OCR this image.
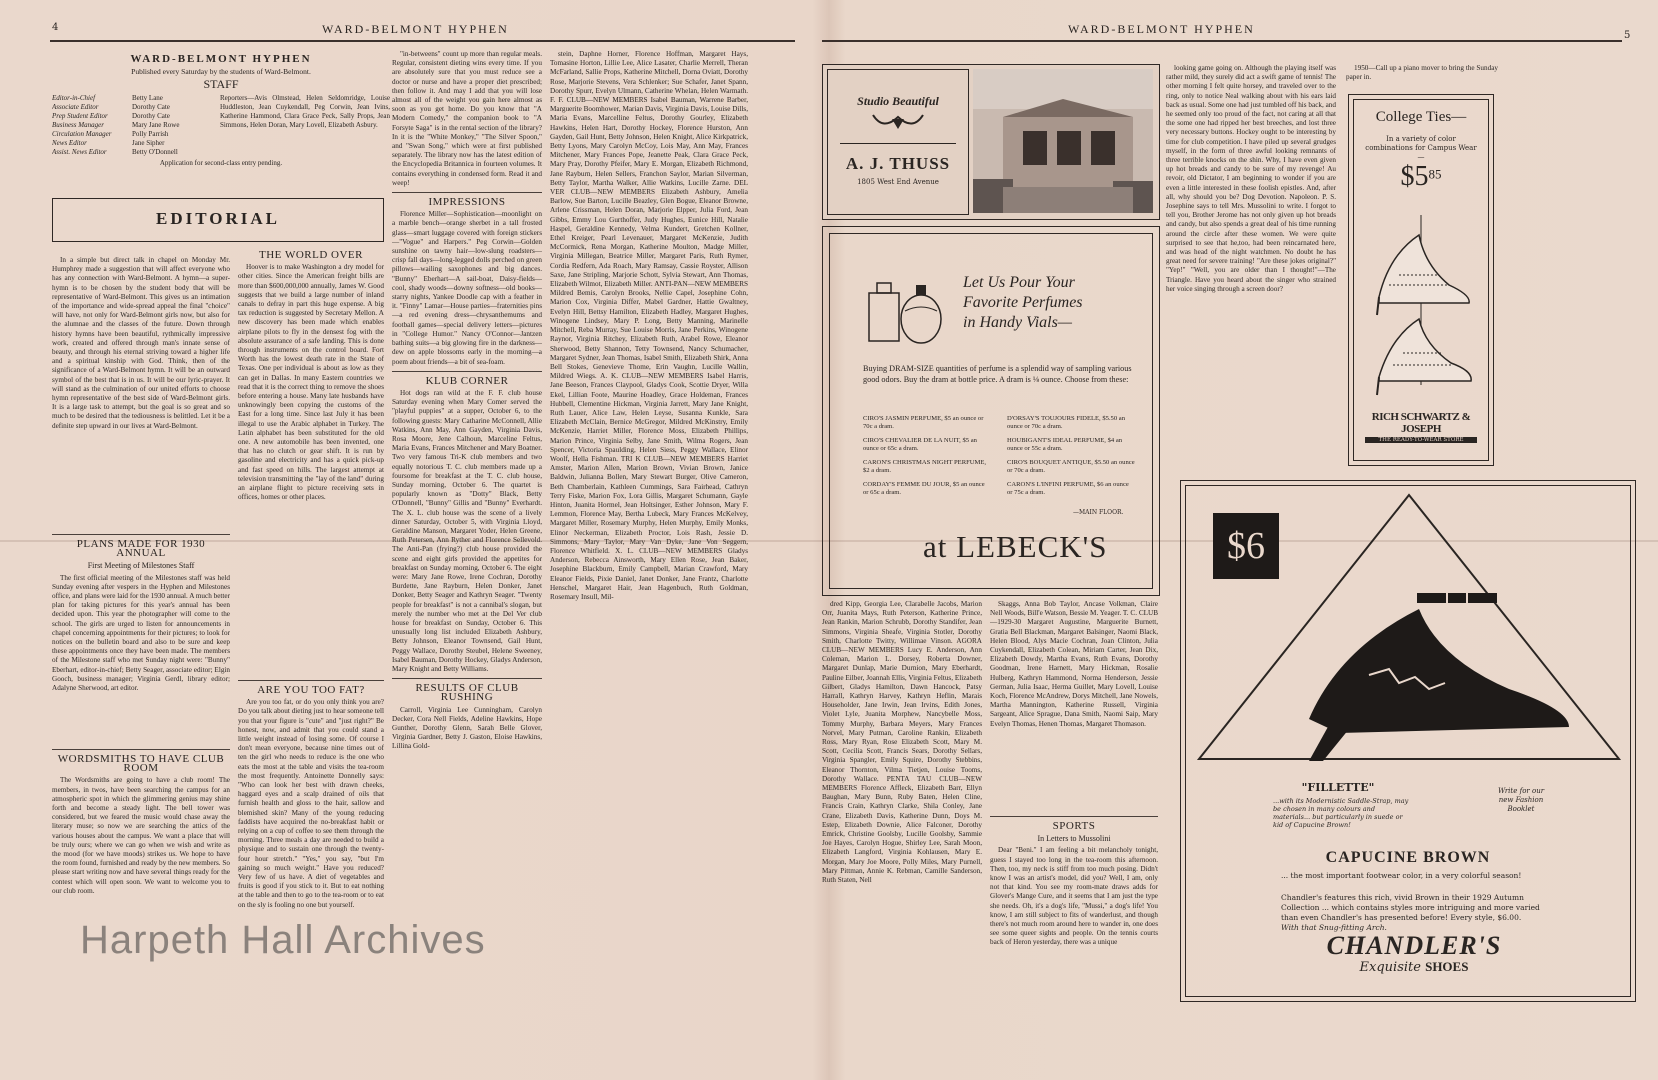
4	WARD-BELMONT HYPHEN
WARD-BELMONT HYPHEN
Published every Saturday by the students of Ward-Belmont.
STAFF
Editor-in-Chief	Betty Lane
Associate Editor	Dorothy Cate
Prep Student Editor	Dorothy Cate
Business Manager	Mary Jane Rowe
Circulation Manager	Polly Parrish
News Editor	Jane Sipher
Assist. News Editor	Betty O'Donnell
Reporters—Avis Olmstead, Helen Seldomridge, Louise Huddleston, Jean Cuykendall, Peg Corwin, Jean Ivins, Katherine Hammond, Clara Grace Peck, Sally Props, Jean Simmons, Helen Doran, Mary Lovell, Elizabeth Asbury.
Application for second-class entry pending.
EDITORIAL

In a simple but direct talk in chapel on Monday Mr. Humphrey made a suggestion that will affect everyone who has any connection with Ward-Belmont. A hymn—a super-hymn is to be chosen by the student body that will be representative of Ward-Belmont. This gives us an intimation of the importance and wide-spread appeal the final "choice" will have, not only for Ward-Belmont girls now, but also for the alumnae and the classes of the future. Down through history hymns have been beautiful, rythmically impressive work, created and offered through man's innate sense of beauty, and through his eternal striving toward a higher life and a spiritual kinship with God. Think, then of the significance of a Ward-Belmont hymn. It will be an outward symbol of the best that is in us. It will be our lyric-prayer. It will stand as the culmination of our united efforts to choose hymn representative of the best side of Ward-Belmont girls. It is a large task to attempt, but the goal is so great and so much to be desired that the tediousness is belittled. Let it be a definite step upward in our lives at Ward-Belmont.

PLANS MADE FOR 1930 ANNUAL
First Meeting of Milestones Staff

The first official meeting of the Milestones staff was held Sunday evening after vespers in the Hyphen and Milestones office, and plans were laid for the 1930 annual. A much better plan for taking pictures for this year's annual has been decided upon. This year the photographer will come to the school. The girls are urged to listen for announcements in chapel concerning appointments for their pictures; to look for notices on the bulletin board and also to be sure and keep these appointments once they have been made. The members of the Milestone staff who met Sunday night were: "Bunny" Eberhart, editor-in-chief; Betty Seager, associate editor; Elgin Gooch, business manager; Virginia Gerdl, library editor; Adalyne Sherwood, art editor.

WORDSMITHS TO HAVE CLUB ROOM

The Wordsmiths are going to have a club room! The members, in twos, have been searching the campus for an atmospheric spot in which the glimmering genius may shine forth and become a steady light. The bell tower was considered, but we feared the music would chase away the literary muse; so now we are searching the attics of the various houses about the campus. We want a place that will be truly ours; where we can go when we wish and write as the mood (for we have moods) strikes us. We hope to have the room found, furnished and ready by the new members. So please start writing now and have several things ready for the contest which will open soon. We want to welcome you to our club room.

THE WORLD OVER

Hoover is to make Washington a dry model for other cities. Since the American freight bills are more than $600,000,000 annually, James W. Good suggests that we build a large number of inland canals to defray in part this huge expense. A big tax reduction is suggested by Secretary Mellon. A new discovery has been made which enables airplane pilots to fly in the densest fog with the absolute assurance of a safe landing. This is done through instruments on the control board. Fort Worth has the lowest death rate in the State of Texas. One per individual is about as low as they can get in Dallas. In many Eastern countries we read that it is the correct thing to remove the shoes before entering a house. Many late husbands have unknowingly been copying the customs of the East for a long time. Since last July it has been illegal to use the Arabic alphabet in Turkey. The Latin alphabet has been substituted for the old one. A new automobile has been invented, one that has no clutch or gear shift. It is run by gasoline and electricity and has a quick pick-up and fast speed on hills. The largest attempt at television transmitting the "lay of the land" during an airplane flight to picture receiving sets in offices, homes or other places.

ARE YOU TOO FAT?

Are you too fat, or do you only think you are? Do you talk about dieting just to hear someone tell you that your figure is "cute" and "just right?" Be honest, now, and admit that you could stand a little weight instead of losing some. Of course I don't mean everyone, because nine times out of ten the girl who needs to reduce is the one who eats the most at the table and visits the tea-room the most frequently. Antoinette Donnelly says: "Who can look her best with drawn cheeks, haggard eyes and a scalp drained of oils that furnish health and gloss to the hair, sallow and blemished skin? Many of the young reducing faddists have acquired the no-breakfast habit or relying on a cup of coffee to see them through the morning. Three meals a day are needed to build a physique and to sustain one through the twenty-four hour stretch." "Yes," you say, "but I'm gaining so much weight." Have you reduced? Very few of us have. A diet of vegetables and fruits is good if you stick to it. But to eat nothing at the table and then to go to the tea-room or to eat on the sly is fooling no one but yourself.

"in-betweens" count up more than regular meals. Regular, consistent dieting wins every time. If you are absolutely sure that you must reduce see a doctor or nurse and have a proper diet prescribed; then follow it. And may I add that you will lose almost all of the weight you gain here almost as soon as you get home. Do you know that "A Modern Comedy," the companion book to "A Forsyte Saga" is in the rental section of the library? In it is the "White Monkey," "The Silver Spoon," and "Swan Song," which were at first published separately. The library now has the latest edition of the Encyclopedia Britannica in fourteen volumes. It contains everything in condensed form. Read it and weep!

IMPRESSIONS

Florence Miller—Sophistication—moonlight on a marble bench—orange sherbet in a tall frosted glass—smart luggage covered with foreign stickers—"Vogue" and Harpers." Peg Corwin—Golden sunshine on tawny hair—low-slung roadsters—crisp fall days—long-legged dolls perched on green pillows—wailing saxophones and big dances. "Bunny" Eberhart—A sail-boat, Daisy-fields—cool, shady woods—downy softness—old books—starry nights, Yankee Doodle cap with a feather in it. "Finny" Lamar—House parties—fraternities pins—a red evening dress—chrysanthemums and football games—special delivery letters—pictures in "College Humor." Nancy O'Connor—Jantzen bathing suits—a big glowing fire in the darkness—dew on apple blossoms early in the morning—a poem about friends—a bit of sea-foam.

KLUB CORNER

Hot dogs ran wild at the F. F. club house Saturday evening when Mary Comer served the "playful puppies" at a supper, October 6, to the following guests: Mary Catharine McConnell, Allie Watkins, Ann May, Ann Gayden, Virginia Davis, Rosa Moore, Jene Calhoun, Marceline Feltus, Maria Evans, Frances Mitchener and Mary Boatner. Two very famous Tri-K club members and two equally notorious T. C. club members made up a foursome for breakfast at the T. C. club house, Sunday morning, October 6. The quartet is popularly known as "Dotty" Black, Betty O'Donnell, "Bunny" Gillis and "Bunny" Everhardt. The X. L. club house was the scene of a lively dinner Saturday, October 5, with Virginia Lloyd, Geraldine Manson, Margaret Yoder, Helen Greene, Ruth Petersen, Ann Ryther and Florence Sellevold. The Anti-Pan (frying?) club house provided the scene and eight girls provided the appetites for breakfast on Sunday morning, October 6. The eight were: Mary Jane Rowe, Irene Cochran, Dorothy Burdette, Jane Rayburn, Helen Donker, Janet Donker, Betty Seager and Kathryn Seager. "Twenty people for breakfast" is not a cannibal's slogan, but merely the number who met at the Del Ver club house for breakfast on Sunday, October 6. This unusually long list included Elizabeth Ashbury, Betty Johnson, Eleanor Townsend, Gail Hunt, Peggy Wallace, Dorothy Steubel, Helene Sweeney, Isabel Bauman, Dorothy Hockey, Gladys Anderson, Mary Knight and Betty Williams.

RESULTS OF CLUB RUSHING

Carroll, Virginia Lee Cunningham, Carolyn Decker, Cora Nell Fields, Adeline Hawkins, Hope Gunther, Dorothy Glenn, Sarah Belle Glover, Virginia Gardner, Betty J. Gaston, Eloise Hawkins, Lillina Gold-

stein, Daphne Horner, Florence Hoffman, Margaret Hays, Tomasine Horton, Lillie Lee, Alice Lasater, Charlie Merrell, Theran McFarland, Sallie Props, Katherine Mitchell, Dorna Oviatt, Dorothy Rose, Marjorie Stevens, Vera Schlenker; Sue Schafer, Janet Spann, Dorothy Spurr, Evelyn Ulmann, Catherine Whelan, Helen Warmath. F. F. CLUB—NEW MEMBERS Isabel Bauman, Warrene Barber, Marguerite Boomhower, Marian Davis, Virginia Davis, Louise Dills, Maria Evans, Marcelline Feltus, Dorothy Gourley, Elizabeth Hawkins, Helen Hart, Dorothy Hockey, Florence Hurston, Ann Gayden, Gail Hunt, Betty Johnson, Helen Knight, Alice Kirkpatrick, Betty Lyons, Mary Carolyn McCoy, Lois May, Ann May, Frances Mitchener, Mary Frances Pope, Jeanette Peak, Clara Grace Peck, Mary Pray, Dorothy Pfeifer, Mary E. Morgan, Elizabeth Richmond, Jane Rayburn, Helen Sellers, Franchon Saylor, Marian Silverman, Betty Taylor, Martha Walker, Allie Watkins, Lucille Zarne. DEL VER CLUB—NEW MEMBERS Elizabeth Ashbury, Amelia Barlow, Sue Barton, Lucille Beazley, Glen Bogue, Eleanor Browne, Arlene Crissman, Helen Doran, Marjorie Elpper, Julia Ford, Jean Gibbs, Emmy Lou Gurthoffer, Judy Hughes, Eunice Hill, Natalie Haspel, Geraldine Kennedy, Velma Kundert, Gretchen Kollner, Ethel Kreiger, Pearl Levenauer, Margaret McKenzie, Judith McCormick, Rena Morgan, Katherine Moulton, Madge Miller, Virginia Millegan, Beatrice Miller, Margaret Paris, Ruth Rymer, Cordia Redfern, Ada Roach, Mary Ramsay, Cassie Royster, Allison Saxe, Jane Stripling, Marjorie Schott, Sylvia Stewart, Ann Thomas, Elizabeth Wilmot, Elizabeth Miller. ANTI-PAN—NEW MEMBERS Mildred Bemis, Carolyn Brooks, Nellie Capel, Josephine Cohn, Marion Cox, Virginia Differ, Mabel Gardner, Hattie Gwaltney, Evelyn Hill, Bettsy Hamilton, Elizabeth Hadley, Margaret Hughes, Winogene Lindsey, Mary P. Long, Betty Manning, Marinelle Mitchell, Reba Murray, Sue Louise Morris, Jane Perkins, Winogene Raynor, Virginia Ritchey, Elizabeth Ruth, Arabel Rowe, Eleanor Sherwood, Betty Shannon, Tetty Townsend, Nancy Schumacher, Margaret Sydner, Jean Thomas, Isabel Smith, Elizabeth Shirk, Anna Bell Stokes, Genevieve Thome, Erin Vaughn, Lucille Wallin, Mildred Wiegs. A. K. CLUB—NEW MEMBERS Isabel Harris, Jane Beeson, Frances Claypool, Gladys Cook, Scottie Dryer, Willa Ekel, Lillian Foote, Maurine Hoadley, Grace Holdeman, Frances Hubbell, Clementine Hickman, Virginia Jarrett, Mary Jane Knight, Ruth Lauer, Alice Law, Helen Leyse, Susanna Kunkle, Sara Elizabeth McClain, Bernice McGregor, Mildred McKinstry, Emily McKenzie, Harriet Miller, Florence Moss, Elizabeth Phillips, Marion Prince, Virginia Selby, Jane Smith, Wilma Rogers, Jean Spencer, Victoria Spaulding, Helen Siess, Peggy Wallace, Elinor Woolf, Hella Fishman. TRI K CLUB—NEW MEMBERS Harriet Amster, Marion Allen, Marion Brown, Vivian Brown, Janice Baldwin, Julianna Bollen, Mary Stewart Burger, Olive Cameron, Beth Chamberlain, Kathleen Cummings, Sara Fairhead, Cathryn Terry Fiske, Marion Fox, Lora Gillis, Margaret Schumann, Gayle Hinton, Juanita Hormel, Jean Holtsinger, Esther Johnson, Mary F. Lemmon, Florence May, Bertha Lubeck, Mary Frances McKelvey, Margaret Miller, Rosemary Murphy, Helen Murphy, Emily Monks, Elinor Neckerman, Elizabeth Proctor, Lois Rash, Jessie D. Simmons, Mary Taylor, Mary Van Dyke, Jane Von Seggern, Florence Whitfield. X. L. CLUB—NEW MEMBERS Gladys Anderson, Rebecca Ainsworth, Mary Ellen Rose, Jean Baker, Josephine Blackburn, Emily Campbell, Marian Crawford, Mary Eleanor Fields, Pixie Daniel, Janet Donker, Jane Frantz, Charlotte Henschel, Margaret Hair, Jean Hagenbuch, Ruth Goldman, Rosemary Insull, Mil-

Harpeth Hall Archives
WARD-BELMONT HYPHEN	5
Studio Beautiful
A. J. THUSS
1805 West End Avenue
Let Us Pour Your
Favorite Perfumes
in Handy Vials—
Buying DRAM-SIZE quantities of perfume is a splendid way of sampling various good odors. Buy the dram at bottle price. A dram is ⅛ ounce. Choose from these:
CIRO'S JASMIN PERFUME, $5 an ounce or 70c a dram.
D'ORSAY'S TOUJOURS FIDELE, $5.50 an ounce or 70c a dram.
CIRO'S CHEVALIER DE LA NUIT, $5 an ounce or 65c a dram.
HOUBIGANT'S IDEAL PERFUME, $4 an ounce or 55c a dram.
CARON'S CHRISTMAS NIGHT PERFUME, $2 a dram.
CIRO'S BOUQUET ANTIQUE, $5.50 an ounce or 70c a dram.
CORDAY'S FEMME DU JOUR, $5 an ounce or 65c a dram.
CARON'S L'INFINI PERFUME, $6 an ounce or 75c a dram.
—MAIN FLOOR.
at LEBECK'S

dred Kipp, Georgia Lee, Clarabelle Jacobs, Marion Orr, Juanita Mays, Ruth Peterson, Katherine Prince, Jean Rankin, Marion Schrubb, Dorothy Standifer, Jean Simmons, Virginia Sheafe, Virginia Stotler, Dorothy Smith, Charlotte Twitty, Willimae Vinson. AGORA CLUB—NEW MEMBERS Lucy E. Anderson, Ann Coleman, Marion L. Dorsey, Roberta Downer, Margaret Dunlap, Marie Durnion, Mary Eberhardt, Pauline Eilber, Joannah Ellis, Virginia Feltus, Elizabeth Gilbert, Gladys Hamilton, Dawn Hancock, Patsy Harrall, Kathryn Harvey, Kathryn Heflin, Marais Householder, Jane Irwin, Jean Irvins, Edith Jones, Violet Lyle, Juanita Morphew, Nancybelle Moss, Tommy Murphy, Barbara Meyers, Mary Frances Norvel, Mary Putman, Caroline Rankin, Elizabeth Ross, Mary Ryan, Rose Elizabeth Scott, Mary M. Scott, Cecilia Scott, Francis Sears, Dorothy Sellars, Virginia Spangler, Emily Squire, Dorothy Stebbins, Eleanor Thornton, Vilma Tietjen, Louise Tooms, Dorothy Wallace. PENTA TAU CLUB—NEW MEMBERS Florence Affleck, Elizabeth Barr, Ellyn Baughan, Mary Bunn, Ruby Baten, Helen Cline, Francis Crain, Kathryn Clarke, Shila Conley, Jane Crane, Elizabeth Davis, Katherine Dunn, Doys M. Estep, Elizabeth Downie, Alice Falconer, Dorothy Emrick, Christine Goolsby, Lucille Goolsby, Sammie Joe Hayes, Carolyn Hogue, Shirley Lee, Sarah Moon, Elizabeth Langford, Virginia Kohlausen, Mary E. Morgan, Mary Joe Moore, Polly Miles, Mary Purnell, Mary Pittman, Annie K. Rebman, Camille Sanderson, Ruth Staten, Nell

Skaggs, Anna Bob Taylor, Ancase Volkman, Claire Nell Woods, Bill'e Watson, Bessie M. Yeager. T. C. CLUB—1929-30 Margaret Augustine, Marguerite Burnett, Gratia Bell Blackman, Margaret Balsinger, Naomi Black, Helen Blood, Alys Macie Cochran, Joan Clinton, Julia Cuykendall, Elizabeth Colean, Miriam Carter, Jean Dix, Elizabeth Dowdy, Martha Evans, Ruth Evans, Dorothy Goodman, Irene Harnett, Mary Hickman, Rosalie Hulberg, Kathryn Hammond, Norma Henderson, Jessie German, Julia Isaac, Herma Guillet, Mary Lovell, Louise Koch, Florence McAndrew, Dorys Mitchell, Jane Nowels, Martha Mannington, Katherine Russell, Virginia Sargeant, Alice Sprague, Dana Smith, Naomi Saip, Mary Evelyn Thomas, Henen Thomas, Margaret Thomason.

SPORTS
In Letters to Mussolini

Dear "Beni." I am feeling a bit melancholy tonight, guess I stayed too long in the tea-room this afternoon. Then, too, my neck is stiff from too much posing. Didn't know I was an artist's model, did you? Well, I am, only not that kind. You see my room-mate draws adds for Glover's Mange Cure, and it seems that I am just the type she needs. Oh, it's a dog's life, "Mussi," a dog's life! You know, I am still subject to fits of wanderlust, and though there's not much room around here to wander in, one does see some queer sights and people. On the tennis courts back of Heron yesterday, there was a unique

looking game going on. Although the playing itself was rather mild, they surely did act a swift game of tennis! The other morning I felt quite horsey, and traveled over to the ring, only to notice Neal walking about with his ears laid back as usual. Some one had just tumbled off his back, and he seemed only too proud of the fact, not caring at all that the some one had ripped her best breeches, and lost three very necessary buttons. Hockey ought to be interesting by time for club competition. I have piled up several grudges myself, in the form of three awful looking remnants of three terrible knocks on the shin. Why, I have even given up hot breads and candy to be sure of my revenge! Au revoir, old Dictator, I am beginning to wonder if you are even a little interested in these foolish epistles. And, after all, why should you be? Dog Devotion. Napoleon. P. S. Josephine says to tell Mrs. Mussolini to write. I forgot to tell you, Brother Jerome has not only given up hot breads and candy, but also spends a great deal of his time running around the circle after these women. We were quite surprised to see that he,too, had been reincarnated here, and was head of the night watchmen. No doubt he has great need for severe training! "Are these jokes original?" "Yep!" "Well, you are older than I thought!"—The Triangle. Have you heard about the singer who strained her voice singing through a screen door?

1950—Call up a piano mover to bring the Sunday paper in.

College Ties—
In a variety of color combinations for Campus Wear—
$\$5^{85}$
RICH SCHWARTZ & JOSEPH
THE READY-TO-WEAR STORE
$6
"FILLETTE"
...with its Modernistic Saddle-Strap, may be chosen in many colours and materials... but particularly in suede or kid of Capucine Brown!
Write for our new Fashion Booklet
CAPUCINE BROWN
... the most important footwear color, in a very colorful season!
Chandler's features this rich, vivid Brown in their 1929 Autumn Collection ... which contains styles more intriguing and more varied than even Chandler's has presented before! Every style, $6.00. With that Snug-fitting Arch.
CHANDLER'S
Exquisite SHOES
